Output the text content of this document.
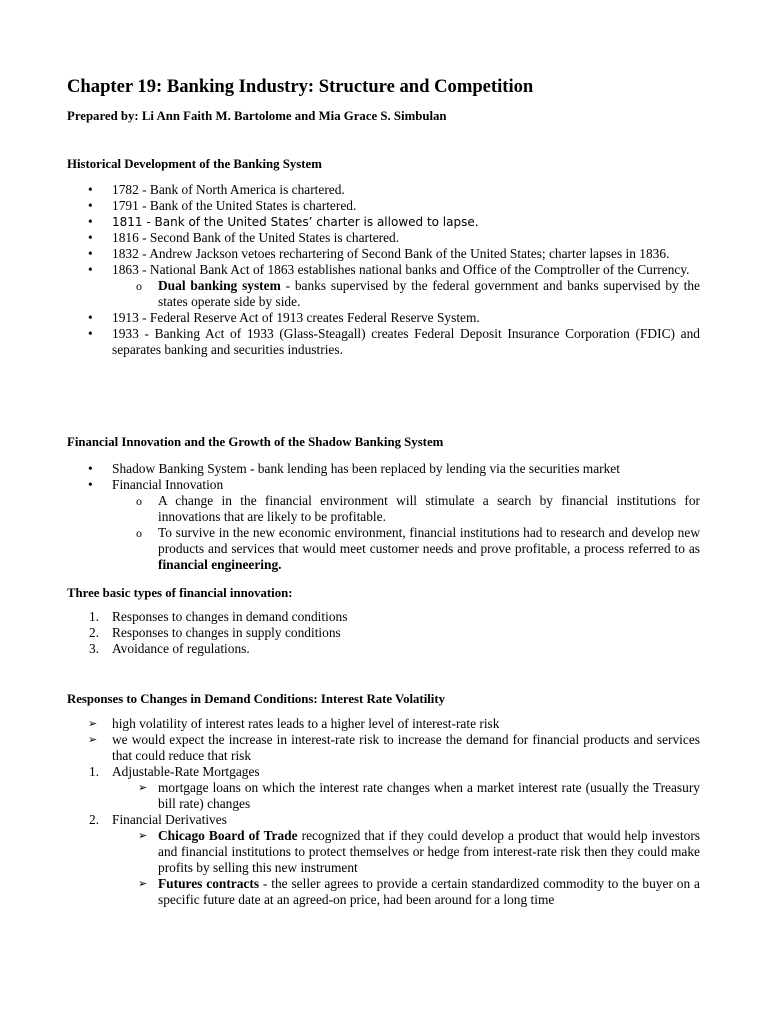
Chapter 19: Banking Industry: Structure and Competition

Prepared by: Li Ann Faith M. Bartolome and Mia Grace S. Simbulan

Historical Development of the Banking System

• 1782 - Bank of North America is chartered.
• 1791 - Bank of the United States is chartered.
• 1811 - Bank of the United States’ charter is allowed to lapse.
• 1816 - Second Bank of the United States is chartered.
• 1832 - Andrew Jackson vetoes rechartering of Second Bank of the United States; charter lapses in 1836.
• 1863 - National Bank Act of 1863 establishes national banks and Office of the Comptroller of the Currency.
o Dual banking system - banks supervised by the federal government and banks supervised by the states operate side by side.
• 1913 - Federal Reserve Act of 1913 creates Federal Reserve System.
• 1933 - Banking Act of 1933 (Glass-Steagall) creates Federal Deposit Insurance Corporation (FDIC) and separates banking and securities industries.

Financial Innovation and the Growth of the Shadow Banking System

• Shadow Banking System - bank lending has been replaced by lending via the securities market
• Financial Innovation
o A change in the financial environment will stimulate a search by financial institutions for innovations that are likely to be profitable.
o To survive in the new economic environment, financial institutions had to research and develop new products and services that would meet customer needs and prove profitable, a process referred to as financial engineering.

Three basic types of financial innovation:

1. Responses to changes in demand conditions
2. Responses to changes in supply conditions
3. Avoidance of regulations.

Responses to Changes in Demand Conditions: Interest Rate Volatility

➢ high volatility of interest rates leads to a higher level of interest-rate risk
➢ we would expect the increase in interest-rate risk to increase the demand for financial products and services that could reduce that risk
1. Adjustable-Rate Mortgages
➢ mortgage loans on which the interest rate changes when a market interest rate (usually the Treasury bill rate) changes
2. Financial Derivatives
➢ Chicago Board of Trade recognized that if they could develop a product that would help investors and financial institutions to protect themselves or hedge from interest-rate risk then they could make profits by selling this new instrument
➢ Futures contracts - the seller agrees to provide a certain standardized commodity to the buyer on a specific future date at an agreed-on price, had been around for a long time
